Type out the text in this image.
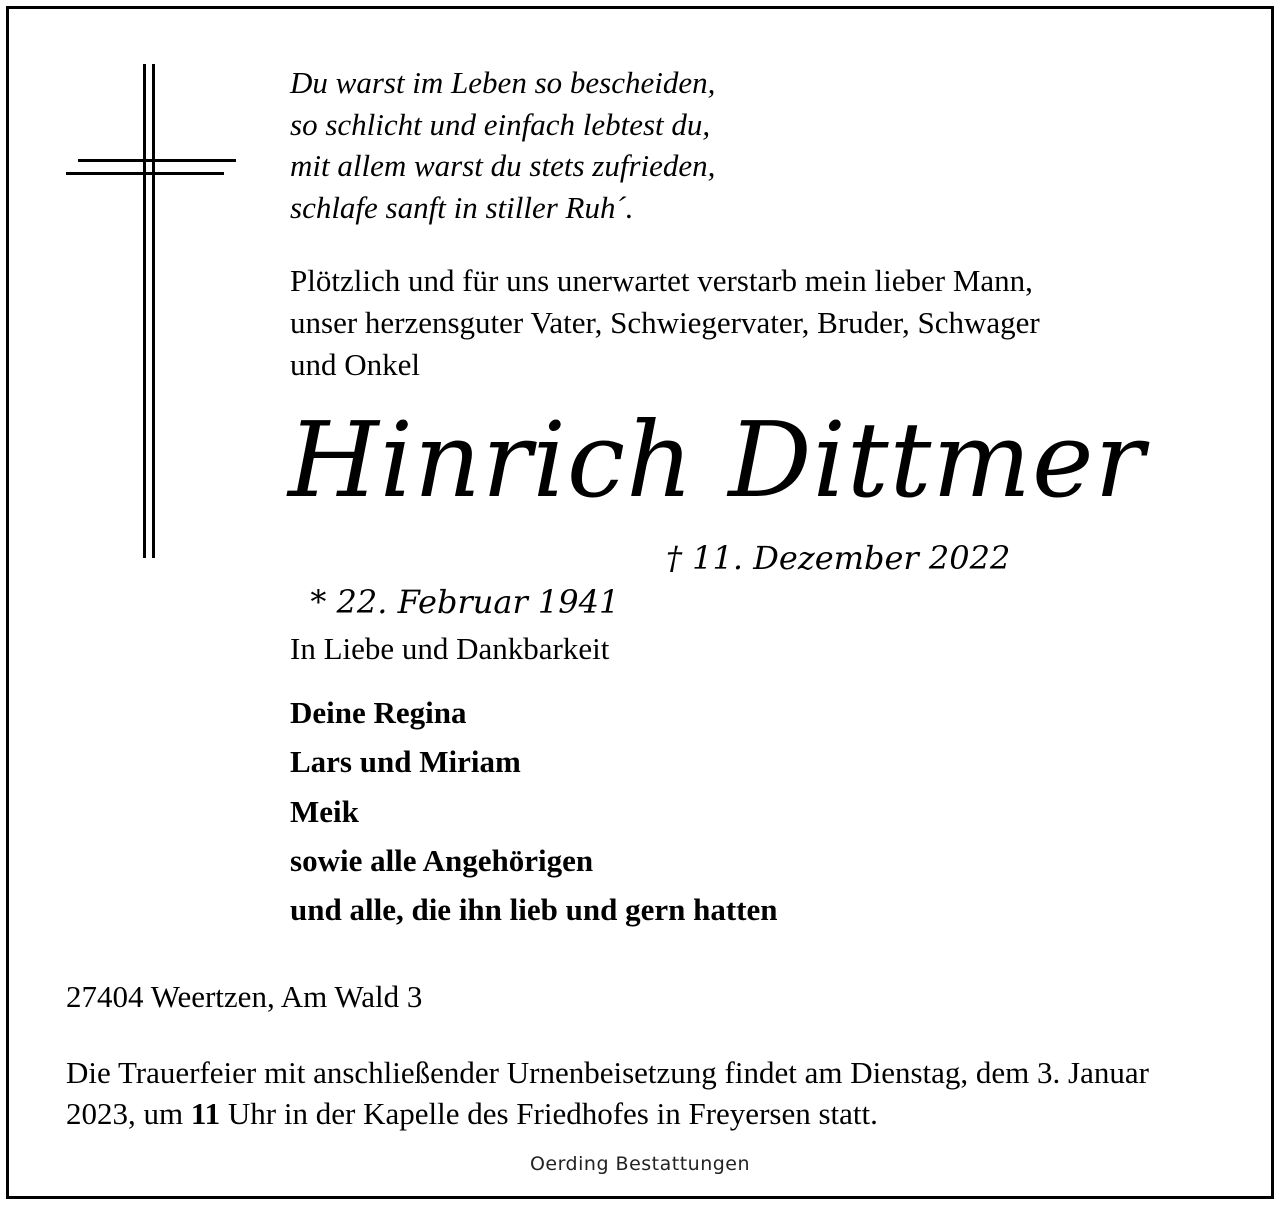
Du warst im Leben so bescheiden,
so schlicht und einfach lebtest du,
mit allem warst du stets zufrieden,
schlafe sanft in stiller Ruh´.
Plötzlich und für uns unerwartet verstarb mein lieber Mann,
unser herzensguter Vater, Schwiegervater, Bruder, Schwager
und Onkel
Hinrich Dittmer

* 22. Februar 1941

† 11. Dezember 2022

In Liebe und Dankbarkeit
Deine Regina
Lars und Miriam
Meik
sowie alle Angehörigen
und alle, die ihn lieb und gern hatten
27404 Weertzen, Am Wald 3
Die Trauerfeier mit anschließender Urnenbeisetzung findet am Dienstag, dem 3. Januar 2023, um 11 Uhr in der Kapelle des Friedhofes in Freyersen statt.
Oerding Bestattungen
